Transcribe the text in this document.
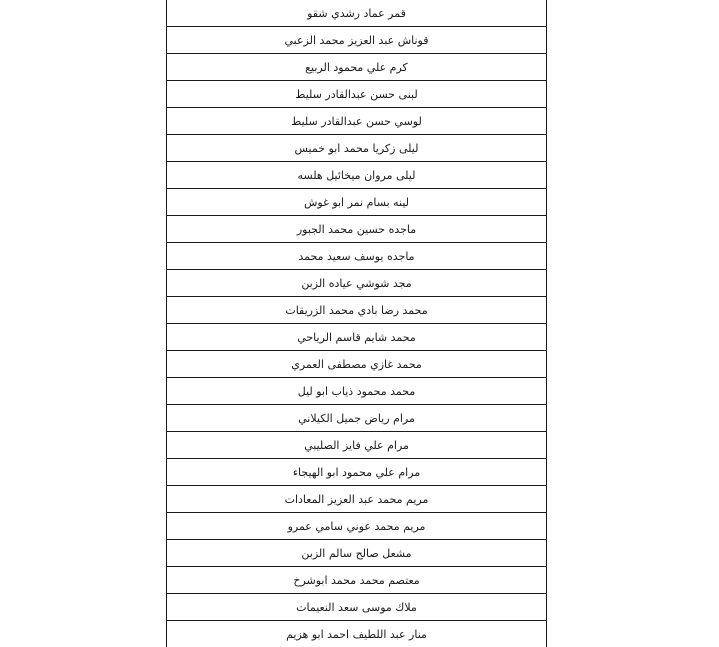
قمر عماد رشدي شقو
قوناش عبد العزيز محمد الزعبي
كرم علي محمود الربيع
لبنى حسن عبدالقادر سليط
لوسي حسن عبدالقادر سليط
ليلى زكريا محمد ابو خميس
ليلى مروان ميخائيل هلسه
لينه بسام نمر ابو غوش
ماجده حسين محمد الجبور
ماجده يوسف سعيد محمد
مجد شوشي عياده الزبن
محمد رضا بادي محمد الزريقات
محمد شايم قاسم الرياحي
محمد غازي مصطفى العمري
محمد محمود ذياب ابو ليل
مرام رياض جميل الكيلاني
مرام علي فايز الصليبي
مرام علي محمود ابو الهيجاء
مريم محمد عبد العزيز المعادات
مريم محمد عوني سامي عمرو
مشعل صالح سالم الزبن
معتصم محمد محمد ابوشرخ
ملاك موسى سعد النعيمات
منار عبد اللطيف احمد ابو هزيم
